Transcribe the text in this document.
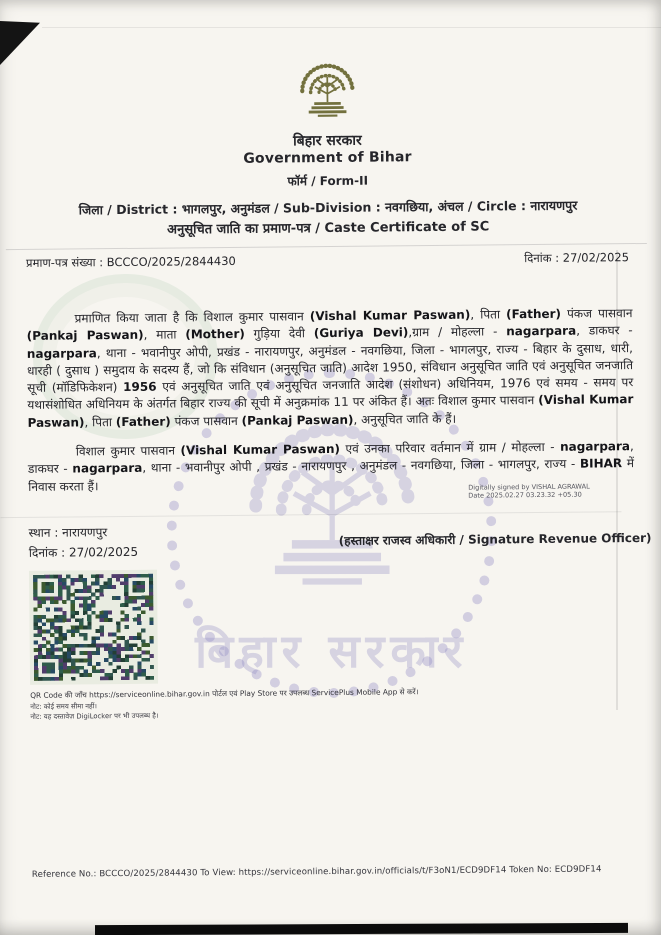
बिहार सरकार
बिहार सरकार
Government of Bihar
फॉर्म / Form-II
जिला / District : भागलपुर, अनुमंडल / Sub-Division : नवगछिया, अंचल / Circle : नारायणपुर
अनुसूचित जाति का प्रमाण-पत्र / Caste Certificate of SC
प्रमाण-पत्र संख्या : BCCCO/2025/2844430	दिनांक : 27/02/2025

प्रमाणित किया जाता है कि विशाल कुमार पासवान (Vishal Kumar Paswan), पिता (Father) पंकज पासवान (Pankaj Paswan), माता (Mother) गुड़िया देवी (Guriya Devi),ग्राम / मोहल्ला - nagarpara, डाकघर - nagarpara, थाना - भवानीपुर ओपी, प्रखंड - नारायणपुर, अनुमंडल - नवगछिया, जिला - भागलपुर, राज्य - बिहार के दुसाध, धारी, धारही ( दुसाध ) समुदाय के सदस्य हैं, जो कि संविधान (अनुसूचित जाति) आदेश 1950, संविधान अनुसूचित जाति एवं अनुसूचित जनजाति सूची (मॉडिफिकेशन) 1956 एवं अनुसूचित जाति एवं अनुसूचित जनजाति आदेश (संशोधन) अधिनियम, 1976 एवं समय - समय पर यथासंशोधित अधिनियम के अंतर्गत बिहार राज्य की सूची में अनुक्रमांक 11 पर अंकित हैं। अतः विशाल कुमार पासवान (Vishal Kumar Paswan), पिता (Father) पंकज पासवान (Pankaj Paswan), अनुसूचित जाति के हैं।

विशाल कुमार पासवान (Vishal Kumar Paswan) एवं उनका परिवार वर्तमान में ग्राम / मोहल्ला - nagarpara, डाकघर - nagarpara, थाना - भवानीपुर ओपी , प्रखंड - नारायणपुर , अनुमंडल - नवगछिया, जिला - भागलपुर, राज्य - BIHAR में निवास करता हैं।	Digitally signed by VISHAL AGRAWAL
Date 2025.02.27 03.23.32 +05.30
स्थान : नारायणपुर
दिनांक : 27/02/2025
(हस्ताक्षर राजस्व अधिकारी / Signature Revenue Officer)
QR Code की जाँच https://serviceonline.bihar.gov.in पोर्टल एवं Play Store पर उपलब्ध ServicePlus Mobile App से करें।
नोट: कोई समय सीमा नहीं।
नोट: यह दस्तावेज़ DigiLocker पर भी उपलब्ध है।
Reference No.: BCCCO/2025/2844430 To View: https://serviceonline.bihar.gov.in/officials/t/F3oN1/ECD9DF14 Token No: ECD9DF14
